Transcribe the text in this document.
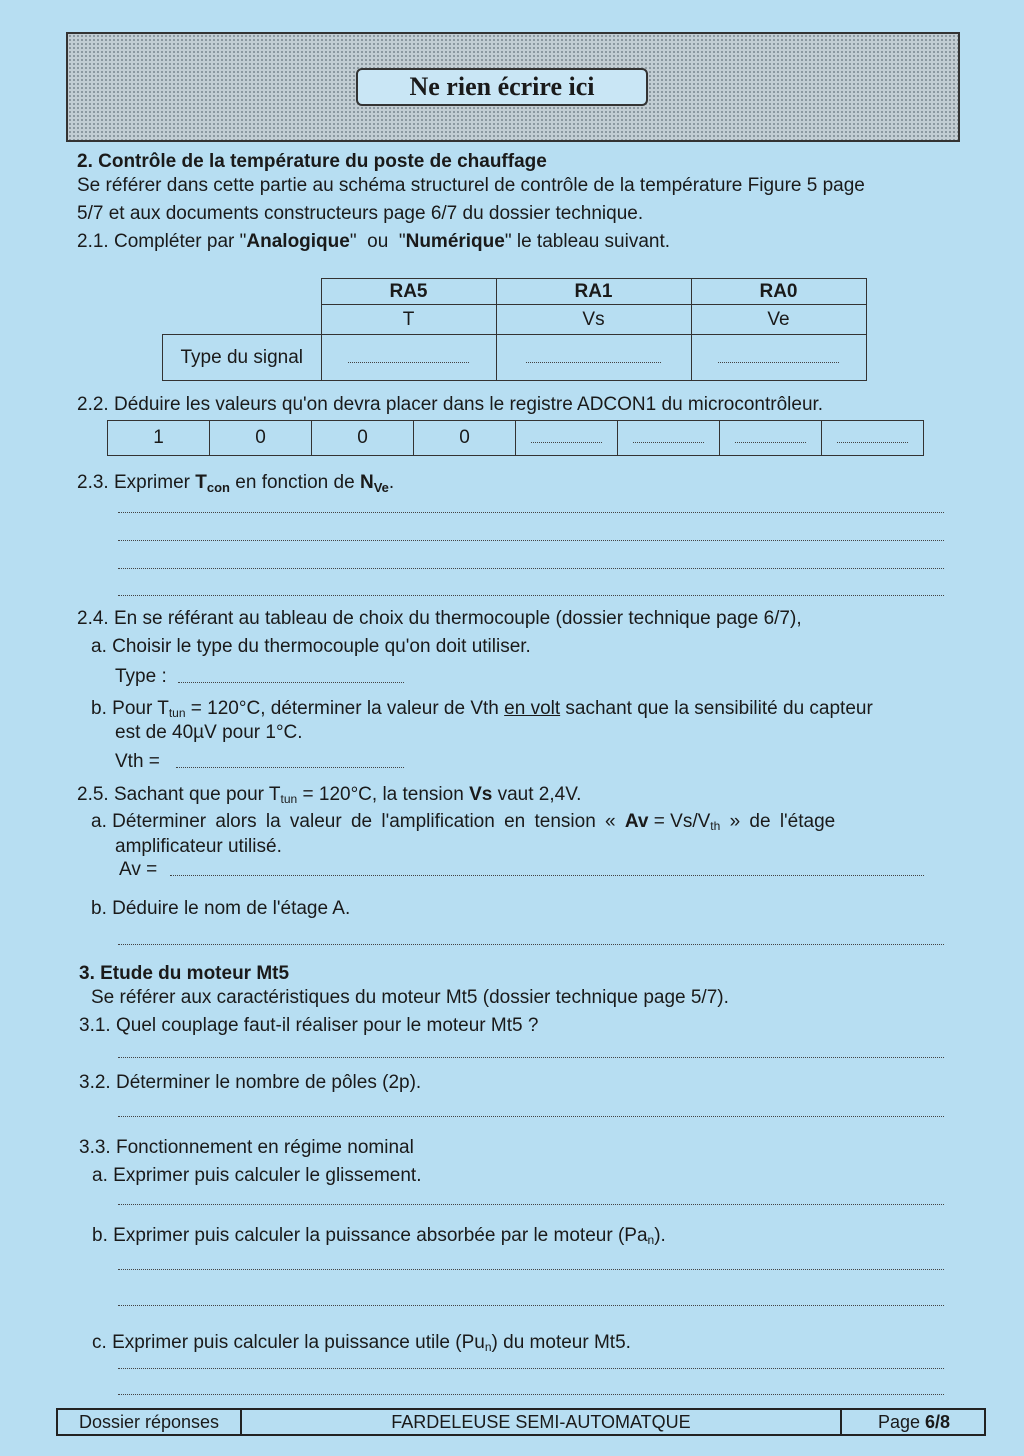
Ne rien écrire ici
2. Contrôle de la température du poste de chauffage
Se référer dans cette partie au schéma structurel de contrôle de la température Figure 5 page
5/7 et aux documents constructeurs page 6/7 du dossier technique.
2.1. Compléter par "Analogique"  ou  "Numérique" le tableau suivant.
	RA5	RA1	RA0
	T	Vs	Ve
Type du signal			
2.2. Déduire les valeurs qu'on devra placer dans le registre ADCON1 du microcontrôleur.
1	0	0	0				
2.3. Exprimer $T_{con}$ en fonction de $N_{Ve}$.
2.4. En se référant au tableau de choix du thermocouple (dossier technique page 6/7),
a. Choisir le type du thermocouple qu'on doit utiliser.
Type :
b. Pour $T_{tun} = 120^\circ C$, déterminer la valeur de Vth en volt sachant que la sensibilité du capteur
est de 40µV pour 1°C.
Vth =
2.5. Sachant que pour $T_{tun} = 120^\circ C$, la tension Vs vaut 2,4V.
a. Déterminer alors la valeur de l'amplification en tension « $Av = Vs/V_{th}$ » de l'étage
amplificateur utilisé.
Av =
b. Déduire le nom de l'étage A.
3. Etude du moteur Mt5
Se référer aux caractéristiques du moteur Mt5 (dossier technique page 5/7).
3.1. Quel couplage faut-il réaliser pour le moteur Mt5 ?
3.2. Déterminer le nombre de pôles (2p).
3.3. Fonctionnement en régime nominal
a. Exprimer puis calculer le glissement.
b. Exprimer puis calculer la puissance absorbée par le moteur $(Pa_n)$.
c. Exprimer puis calculer la puissance utile $(Pu_n)$ du moteur Mt5.
Dossier réponses	FARDELEUSE SEMI-AUTOMATQUE	Page 6/8
